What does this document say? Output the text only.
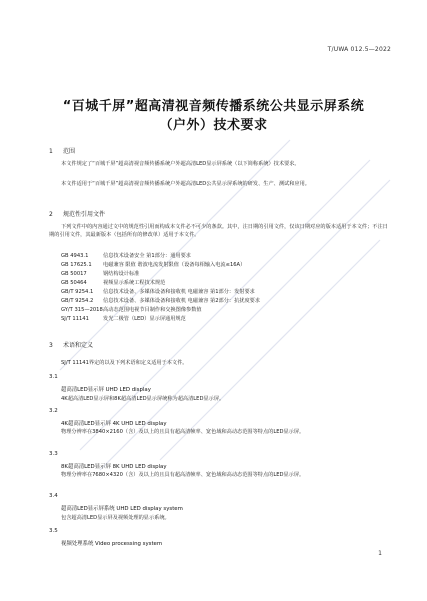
T/UWA 012.5—2022
“百城千屏”超高清视音频传播系统公共显示屏系统
（户外）技术要求
1 范围
本文件规定了“百城千屏”超高清视音频传播系统户外超高清LED显示屏系统（以下简称系统）技术要求。
本文件适用于“百城千屏”超高清视音频传播系统户外超高清LED公共显示屏系统的研发、生产、测试和应用。
2 规范性引用文件
下列文件中的内容通过文中的规范性引用而构成本文件必不可少的条款。其中，注日期的引用文件，仅该日期对应的版本适用于本文件；不注日期的引用文件，其最新版本（包括所有的修改单）适用于本文件。
GB 4943.1	信息技术设备安全 第1部分：通用要求
GB 17625.1 电磁兼容 限值 谐波电流发射限值（设备每相输入电流≤16A）
GB 50017	钢结构设计标准
GB 50464	视频显示系统工程技术规范
GB/T 9254.1 信息技术设备、多媒体设备和接收机 电磁兼容 第1部分：发射要求
GB/T 9254.2 信息技术设备、多媒体设备和接收机 电磁兼容 第2部分：抗扰度要求
GY/T 315—2018高动态范围电视节目制作和交换图像参数值
SJ/T 11141	发光二极管（LED）显示屏通用规范
3 术语和定义
SJ/T 11141界定的以及下列术语和定义适用于本文件。
3.1
超高清LED显示屏 UHD LED display
4K超高清LED显示屏和8K超高清LED显示屏统称为超高清LED显示屏。
3.2
4K超高清LED显示屏 4K UHD LED display
物理分辨率在3840×2160（含）及以上的且具有超高清帧率、宽色域和高动态范围等特点的LED显示屏。
3.3
8K超高清LED显示屏 8K UHD LED display
物理分辨率在7680×4320（含）及以上的且具有超高清帧率、宽色域和高动态范围等特点的LED显示屏。
3.4
超高清LED显示屏系统 UHD LED display system
包含超高清LED显示屏及视频处理的显示系统。
3.5
视频处理系统 Video processing system
1
